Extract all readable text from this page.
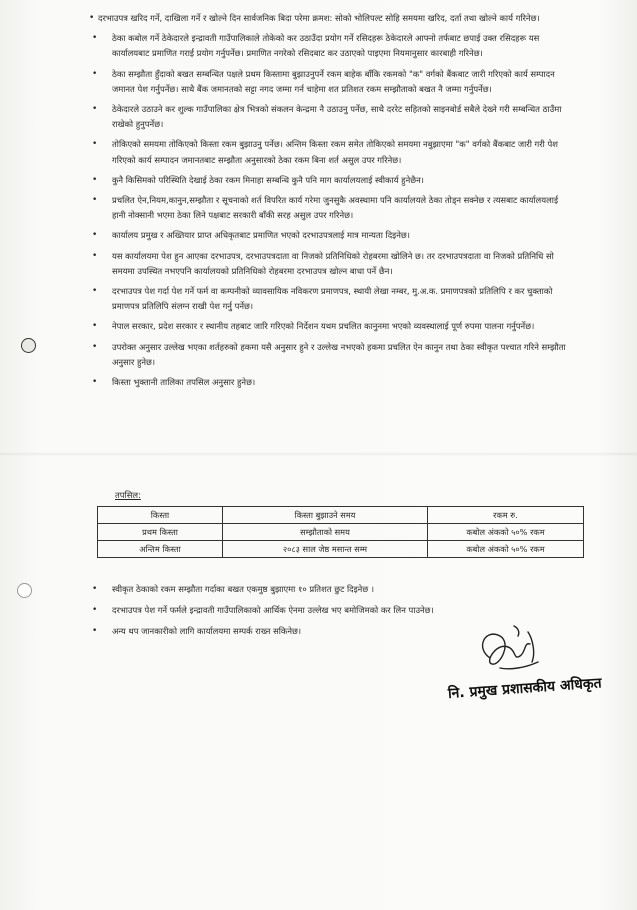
• दरभाउपत्र खरिद गर्ने, दाखिला गर्ने र खोल्ने दिन सार्वजनिक बिदा परेमा क्रमश: सोको भोलिपल्ट सोहि समयमा खरिद, दर्ता तथा खोल्ने कार्य गरिनेछ।
• ठेका कबोल गर्ने ठेकेदारले इन्द्रावती गाउँपालिकाले तोकेको कर उठाउँदा प्रयोग गर्ने रसिदहरू ठेकेदारले आफ्नो तर्फबाट छपाई उक्त रसिदहरू यस कार्यालयबाट प्रमाणित गराई प्रयोग गर्नुपर्नेछ। प्रमाणित नगरेको रसिदबाट कर उठाएको पाइएमा नियमानुसार कारबाही गरिनेछ।
• ठेका सम्झौता हुँदाको बखत सम्बन्धित पक्षले प्रथम किस्तामा बुझाउनुपर्ने रकम बाहेक बाँकि रकमको "क" वर्गको बैंकबाट जारी गरिएको कार्य सम्पादन जमानत पेश गर्नुपर्नेछ। साथै बैंक जमानतको सट्टा नगद जम्मा गर्न चाहेमा शत प्रतिशत रकम सम्झौताको बखत नै जम्मा गर्नुपर्नेछ।
• ठेकेदारले उठाउने कर शुल्क गाउँपालिका क्षेत्र भित्रको संकलन केन्द्रमा नै उठाउनु पर्नेछ, साथै दररेट सहितको साइनबोर्ड सबैले देख्ने गरी सम्बन्धित ठाउँमा राखेको हुनुपर्नेछ।
• तोकिएको समयमा तोकिएको किस्ता रकम बुझाउनु पर्नेछ। अन्तिम किस्ता रकम समेत तोकिएको समयमा नबुझाएमा "क" वर्गको बैंकबाट जारी गरी पेश गरिएको कार्य सम्पादन जमानतबाट सम्झौता अनुसारको ठेका रकम बिना शर्त असुल उपर गरिनेछ।
• कुनै किसिमको परिस्थिति देखाई ठेका रकम मिनाहा सम्बन्धि कुनै पनि माग कार्यालयलाई स्वीकार्य हुनेछैन।
• प्रचलित ऐन,नियम,कानुन,सम्झौता र सूचनाको शर्त विपरित कार्य गरेमा जुनसुकै अवस्थामा पनि कार्यालयले ठेका तोड्न सक्नेछ र त्यसबाट कार्यालयलाई हानी नोक्सानी भएमा ठेका लिने पक्षबाट सरकारी बाँकी सरह असुल उपर गरिनेछ।
• कार्यालय प्रमुख र अख्तियार प्राप्त अधिकृतबाट प्रमाणित भएको दरभाउपत्रलाई मात्र मान्यता दिइनेछ।
• यस कार्यालयमा पेश हुन आएका दरभाउपत्र, दरभाउपत्रदाता वा निजको प्रतिनिधिको रोहबरमा खोलिने छ। तर दरभाउपत्रदाता वा निजको प्रतिनिधि सो समयमा उपस्थित नभएपनि कार्यालयको प्रतिनिधिको रोहबरमा दरभाउपत्र खोल्न बाधा पर्ने छैन।
• दरभाउपत्र पेश गर्दा पेश गर्ने फर्म वा कम्पनीको व्यावसायिक नविकरण प्रमाणपत्र, स्थायी लेखा नम्बर, मु.अ.क. प्रमाणपत्रको प्रतिलिपि र कर चुक्ताको प्रमाणपत्र प्रतिलिपि संलग्न राखी पेश गर्नु पर्नेछ।
• नेपाल सरकार, प्रदेश सरकार र स्थानीय तहबाट जारि गरिएको निर्देशन यथम प्रचलित कानुनमा भएको व्यवस्थालाई पूर्ण रुपमा पालना गर्नुपर्नेछ।
• उपरोक्त अनुसार उल्लेख भएका शर्तहरुको हकमा यसै अनुसार हुने र उल्लेख नभएको हकमा प्रचलित ऐन कानुन तथा ठेका स्वीकृत पश्चात गरिने सम्झौता अनुसार हुनेछ।
• किस्ता भुक्तानी तालिका तपसिल अनुसार हुनेछ।
तपसिल:
किस्ता	किस्ता बुझाउने समय	रकम रु.
प्रथम किस्ता	सम्झौताको समय	कबोल अंकको ५०% रकम
अन्तिम किस्ता	२०८३ साल जेष्ठ मसान्त सम्म	कबोल अंकको ५०% रकम
• स्वीकृत ठेकाको रकम सम्झौता गर्दाका बखत एकमुष्ठ बुझाएमा १० प्रतिशत छुट दिइनेछ ।
• दरभाउपत्र पेश गर्ने फर्मले इन्द्रावती गाउँपालिकाको आर्थिक ऐनमा उल्लेख भए बमोजिमको कर लिन पाउनेछ।
• अन्य थप जानकारीको लागि कार्यालयमा सम्पर्क राख्न सकिनेछ।
नि. प्रमुख प्रशासकीय अधिकृत
